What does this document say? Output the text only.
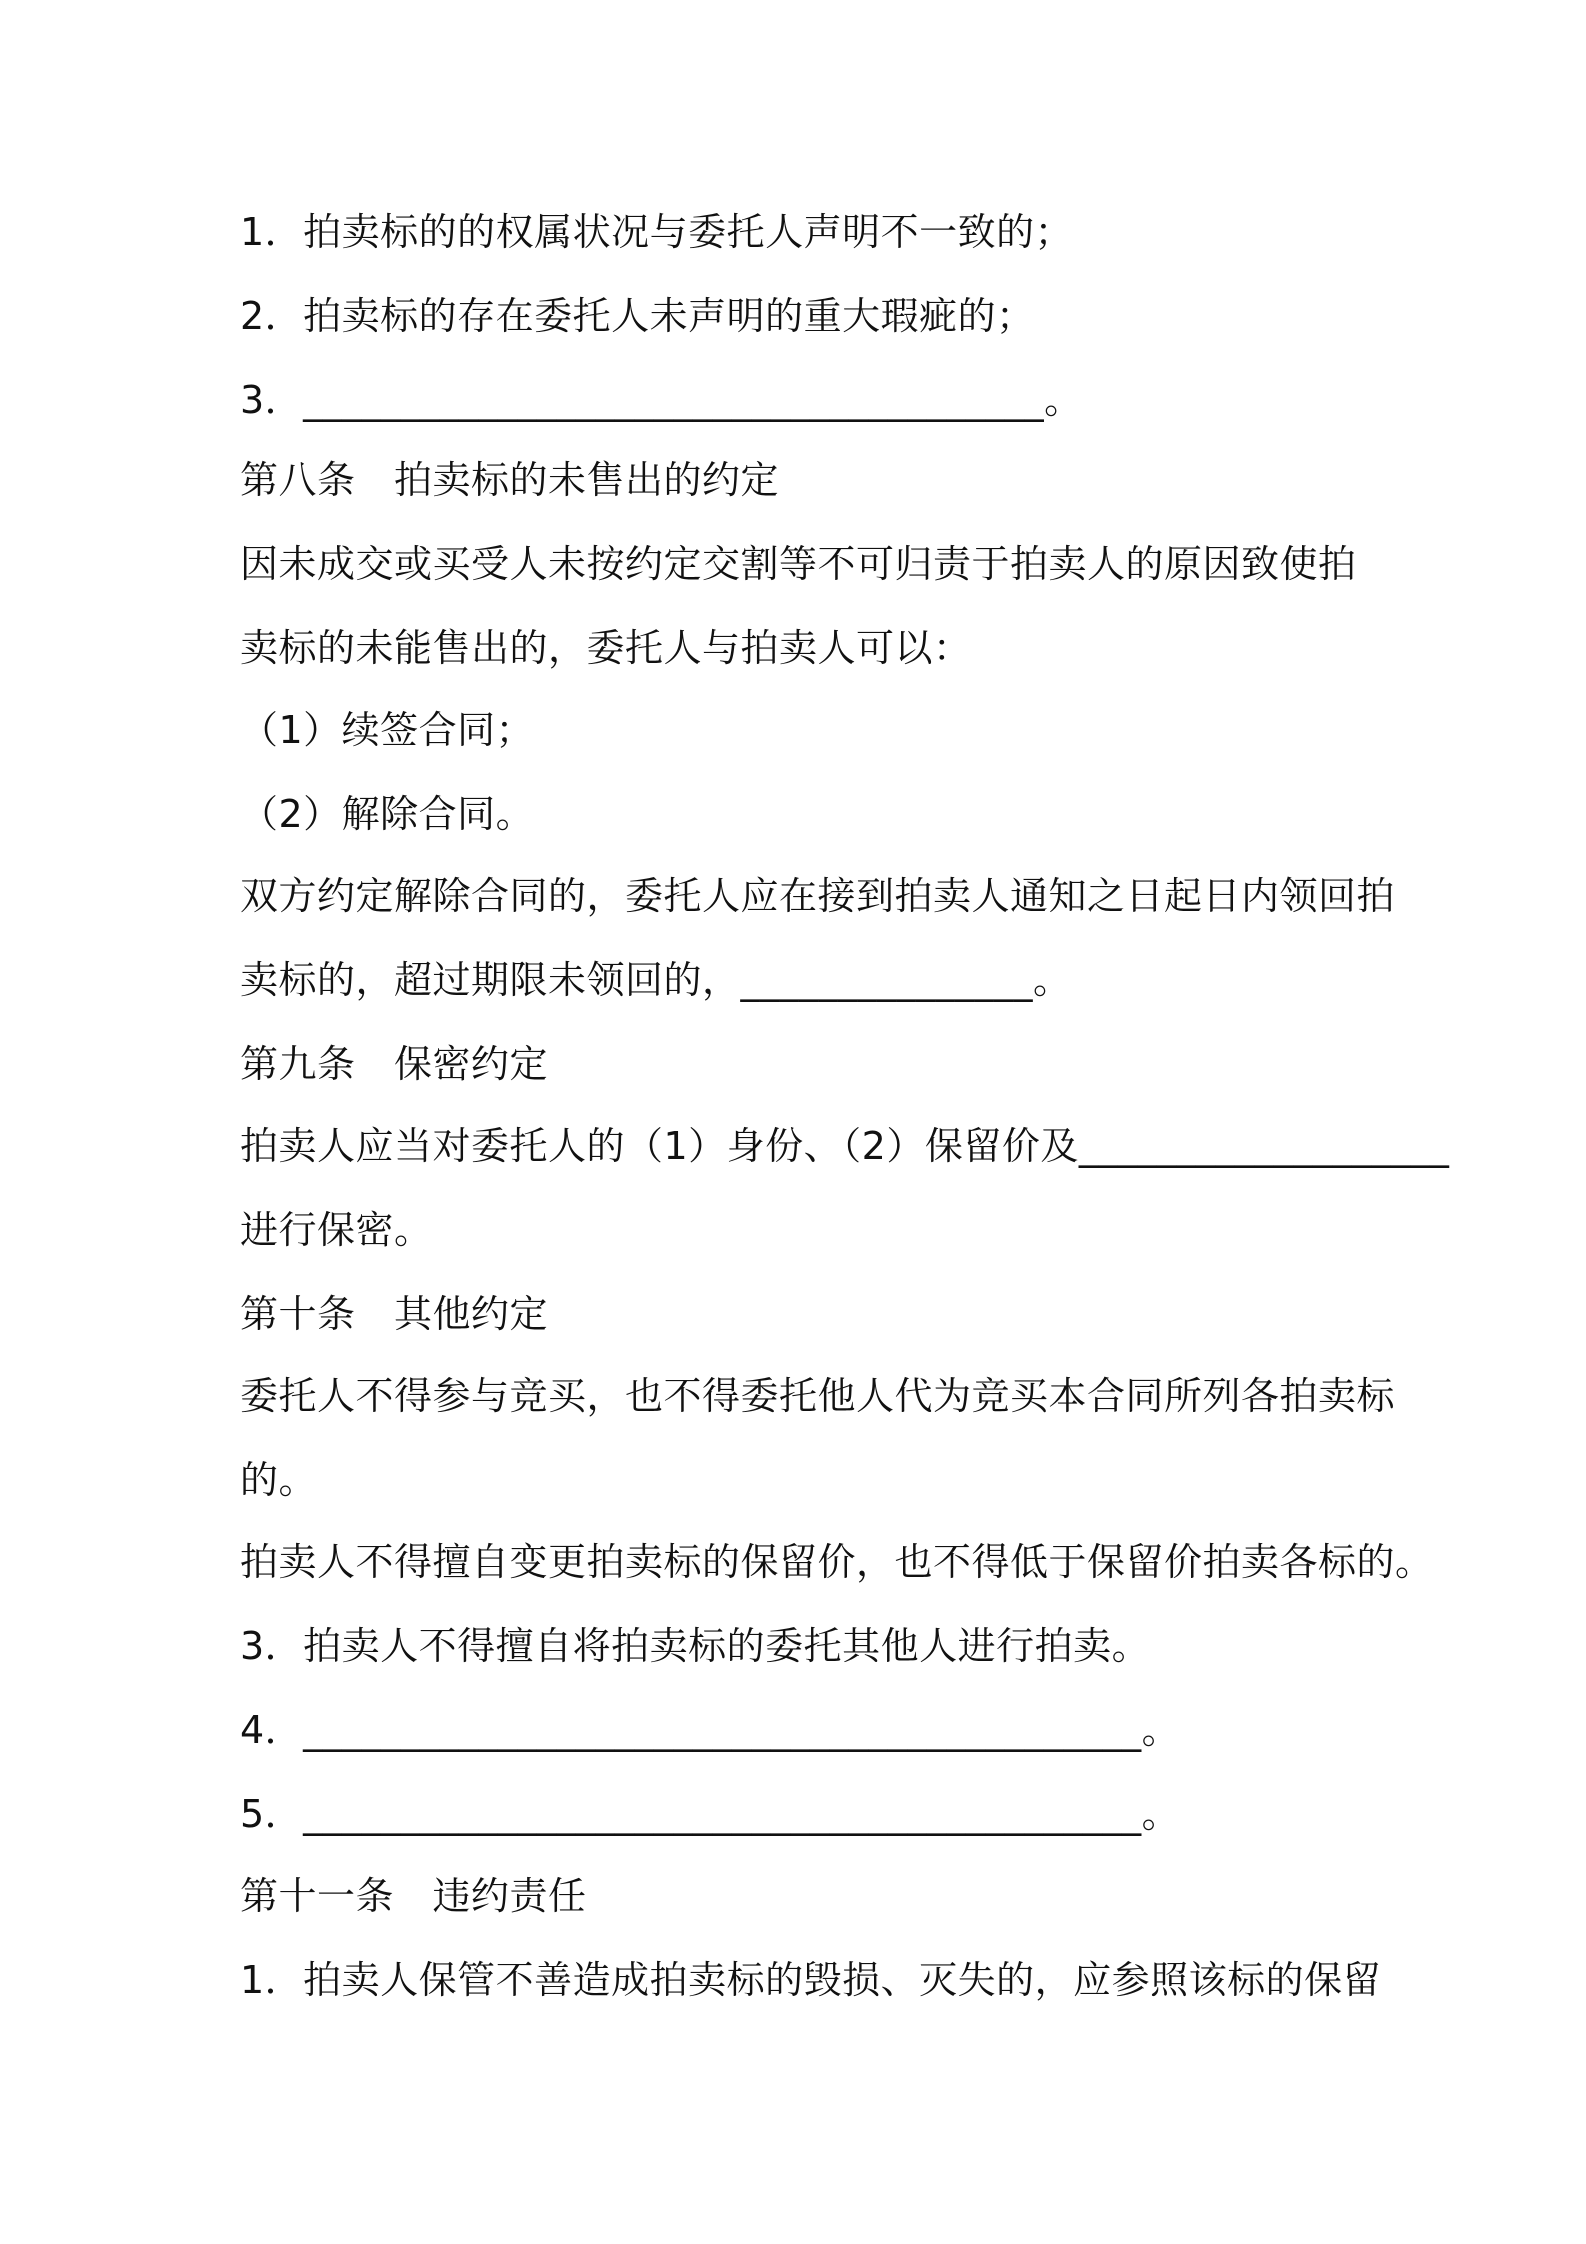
1．拍卖标的的权属状况与委托人声明不一致的；
2．拍卖标的存在委托人未声明的重大瑕疵的；
3．______________________________________。
第八条　拍卖标的未售出的约定
因未成交或买受人未按约定交割等不可归责于拍卖人的原因致使拍
卖标的未能售出的，委托人与拍卖人可以：
（1）续签合同；
（2）解除合同。
双方约定解除合同的，委托人应在接到拍卖人通知之日起日内领回拍
卖标的，超过期限未领回的，_______________。
第九条　保密约定
拍卖人应当对委托人的（1）身份、（2）保留价及___________________
进行保密。
第十条　其他约定
委托人不得参与竞买，也不得委托他人代为竞买本合同所列各拍卖标
的。
拍卖人不得擅自变更拍卖标的保留价，也不得低于保留价拍卖各标的。
3．拍卖人不得擅自将拍卖标的委托其他人进行拍卖。
4．___________________________________________。
5．___________________________________________。
第十一条　违约责任
1．拍卖人保管不善造成拍卖标的毁损、灭失的，应参照该标的保留
